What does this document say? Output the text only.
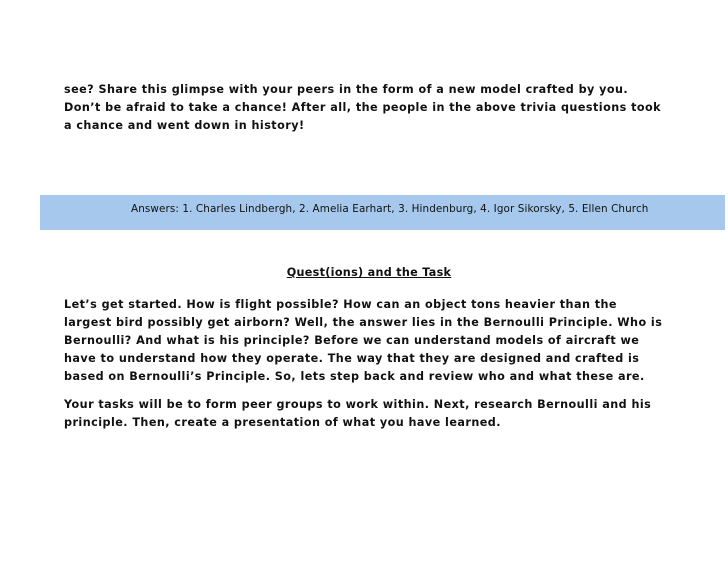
see? Share this glimpse with your peers in the form of a new model crafted by you. Don’t be afraid to take a chance! After all, the people in the above trivia questions took a chance and went down in history!

Answers: 1. Charles Lindbergh, 2. Amelia Earhart, 3. Hindenburg, 4. Igor Sikorsky, 5. Ellen Church
Quest(ions) and the Task

Let’s get started. How is flight possible? How can an object tons heavier than the largest bird possibly get airborn? Well, the answer lies in the Bernoulli Principle. Who is Bernoulli? And what is his principle? Before we can understand models of aircraft we have to understand how they operate. The way that they are designed and crafted is based on Bernoulli’s Principle. So, lets step back and review who and what these are.

Your tasks will be to form peer groups to work within. Next, research Bernoulli and his principle. Then, create a presentation of what you have learned.
